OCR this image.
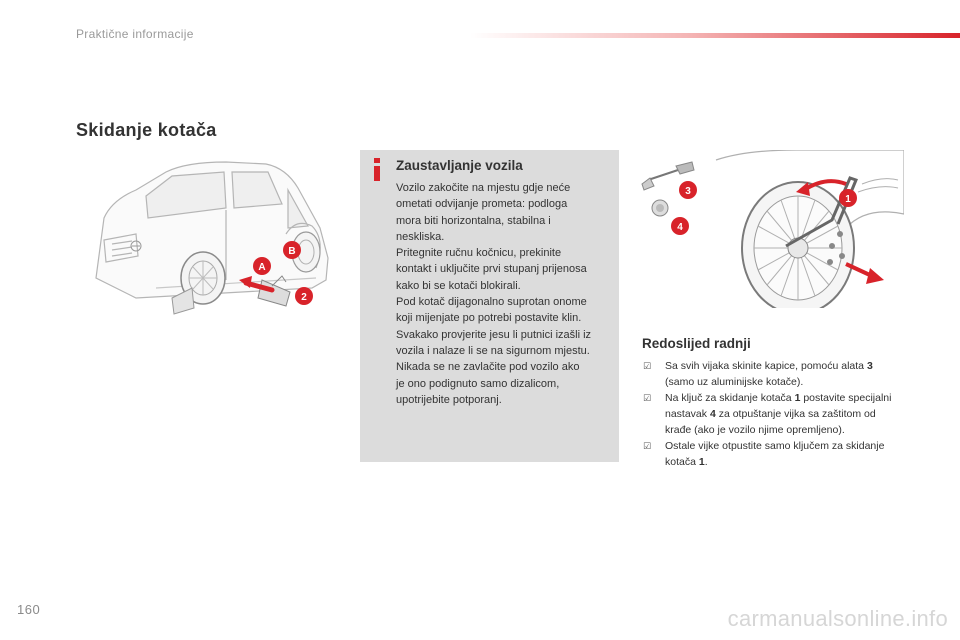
Praktične informacije
Skidanje kotača
A
B
2
Zaustavljanje vozila
Vozilo zakočite na mjestu gdje neće
ometati odvijanje prometa: podloga
mora biti horizontalna, stabilna i
neskliska.
Pritegnite ručnu kočnicu, prekinite
kontakt i uključite prvi stupanj prijenosa
kako bi se kotači blokirali.
Pod kotač dijagonalno suprotan onome
koji mijenjate po potrebi postavite klin.
Svakako provjerite jesu li putnici izašli iz
vozila i nalaze li se na sigurnom mjestu.
Nikada se ne zavlačite pod vozilo ako
je ono podignuto samo dizalicom,
upotrijebite potporanj.
3
4
1
Redoslijed radnji
☑ Sa svih vijaka skinite kapice, pomoću alata 3 (samo uz aluminijske kotače).
☑ Na ključ za skidanje kotača 1 postavite specijalni nastavak 4 za otpuštanje vijka sa zaštitom od krađe (ako je vozilo njime opremljeno).
☑ Ostale vijke otpustite samo ključem za skidanje kotača 1.
160	carmanualsonline.info
